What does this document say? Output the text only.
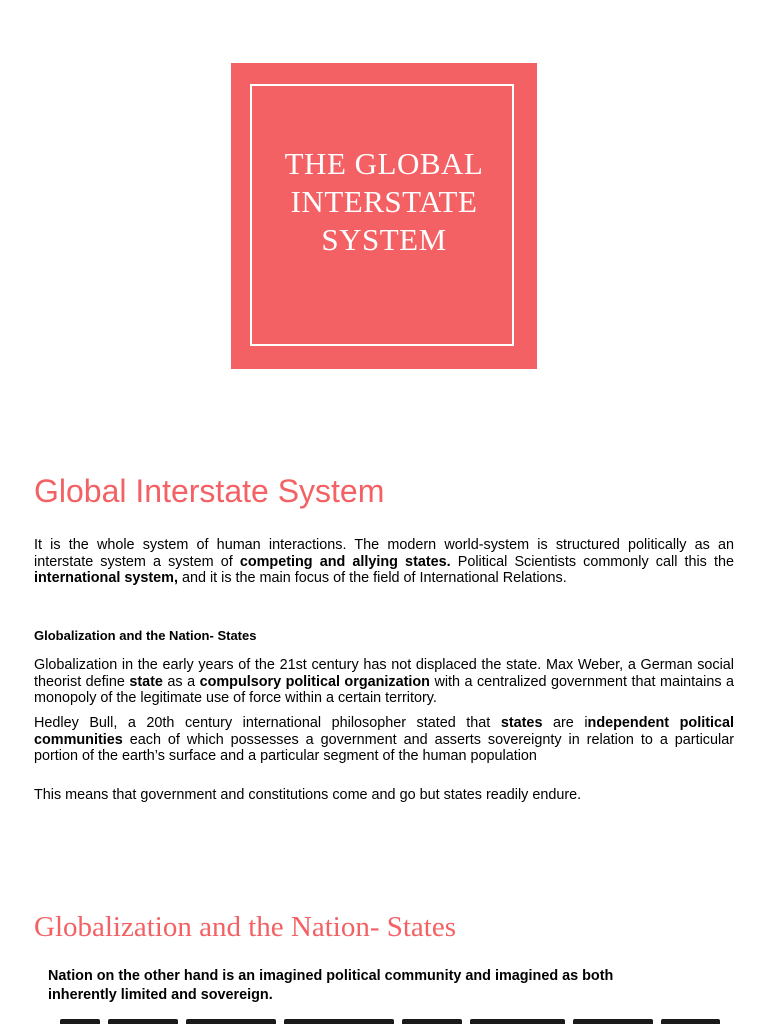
THE GLOBAL
INTERSTATE
SYSTEM
Global Interstate System

It is the whole system of human interactions. The modern world-system is structured politically as an interstate system a system of competing and allying states. Political Scientists commonly call this the international system, and it is the main focus of the field of International Relations.

Globalization and the Nation- States

Globalization in the early years of the 21st century has not displaced the state. Max Weber, a German social theorist define state as a compulsory political organization with a centralized government that maintains a monopoly of the legitimate use of force within a certain territory.

Hedley Bull, a 20th century international philosopher stated that states are independent political communities each of which possesses a government and asserts sovereignty in relation to a particular portion of the earth’s surface and a particular segment of the human population

This means that government and constitutions come and go but states readily endure.

Globalization and the Nation- States

Nation on the other hand is an imagined political community and imagined as both inherently limited and sovereign.
